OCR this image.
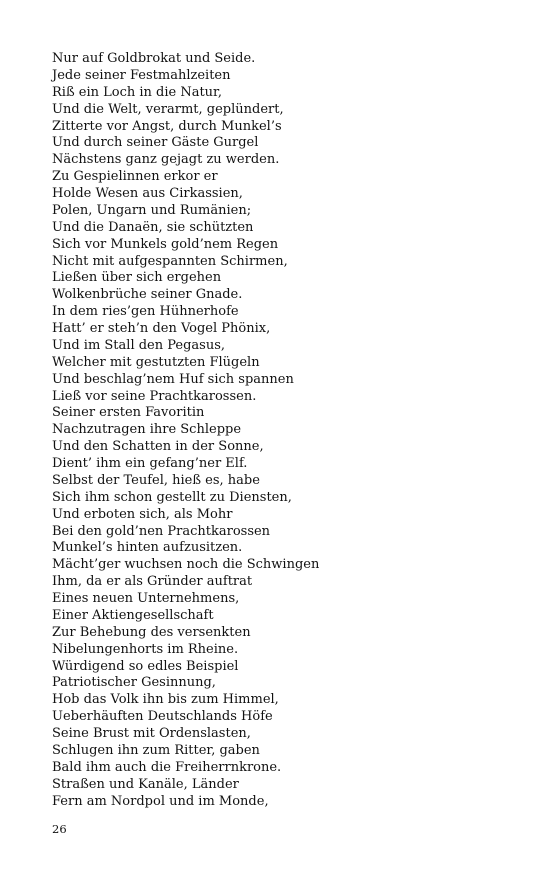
Nur auf Goldbrokat und Seide.
Jede seiner Festmahlzeiten
Riß ein Loch in die Natur,
Und die Welt, verarmt, geplündert,
Zitterte vor Angst, durch Munkel’s
Und durch seiner Gäste Gurgel
Nächstens ganz gejagt zu werden.
Zu Gespielinnen erkor er
Holde Wesen aus Cirkassien,
Polen, Ungarn und Rumänien;
Und die Danaën, sie schützten
Sich vor Munkels gold’nem Regen
Nicht mit aufgespannten Schirmen,
Ließen über sich ergehen
Wolkenbrüche seiner Gnade.
In dem ries’gen Hühnerhofe
Hatt’ er steh’n den Vogel Phönix,
Und im Stall den Pegasus,
Welcher mit gestutzten Flügeln
Und beschlag’nem Huf sich spannen
Ließ vor seine Prachtkarossen.
Seiner ersten Favoritin
Nachzutragen ihre Schleppe
Und den Schatten in der Sonne,
Dient’ ihm ein gefang’ner Elf.
Selbst der Teufel, hieß es, habe
Sich ihm schon gestellt zu Diensten,
Und erboten sich, als Mohr
Bei den gold’nen Prachtkarossen
Munkel’s hinten aufzusitzen.
Mächt’ger wuchsen noch die Schwingen
Ihm, da er als Gründer auftrat
Eines neuen Unternehmens,
Einer Aktiengesellschaft
Zur Behebung des versenkten
Nibelungenhorts im Rheine.
Würdigend so edles Beispiel
Patriotischer Gesinnung,
Hob das Volk ihn bis zum Himmel,
Ueberhäuften Deutschlands Höfe
Seine Brust mit Ordenslasten,
Schlugen ihn zum Ritter, gaben
Bald ihm auch die Freiherrnkrone.
Straßen und Kanäle, Länder
Fern am Nordpol und im Monde,
26
